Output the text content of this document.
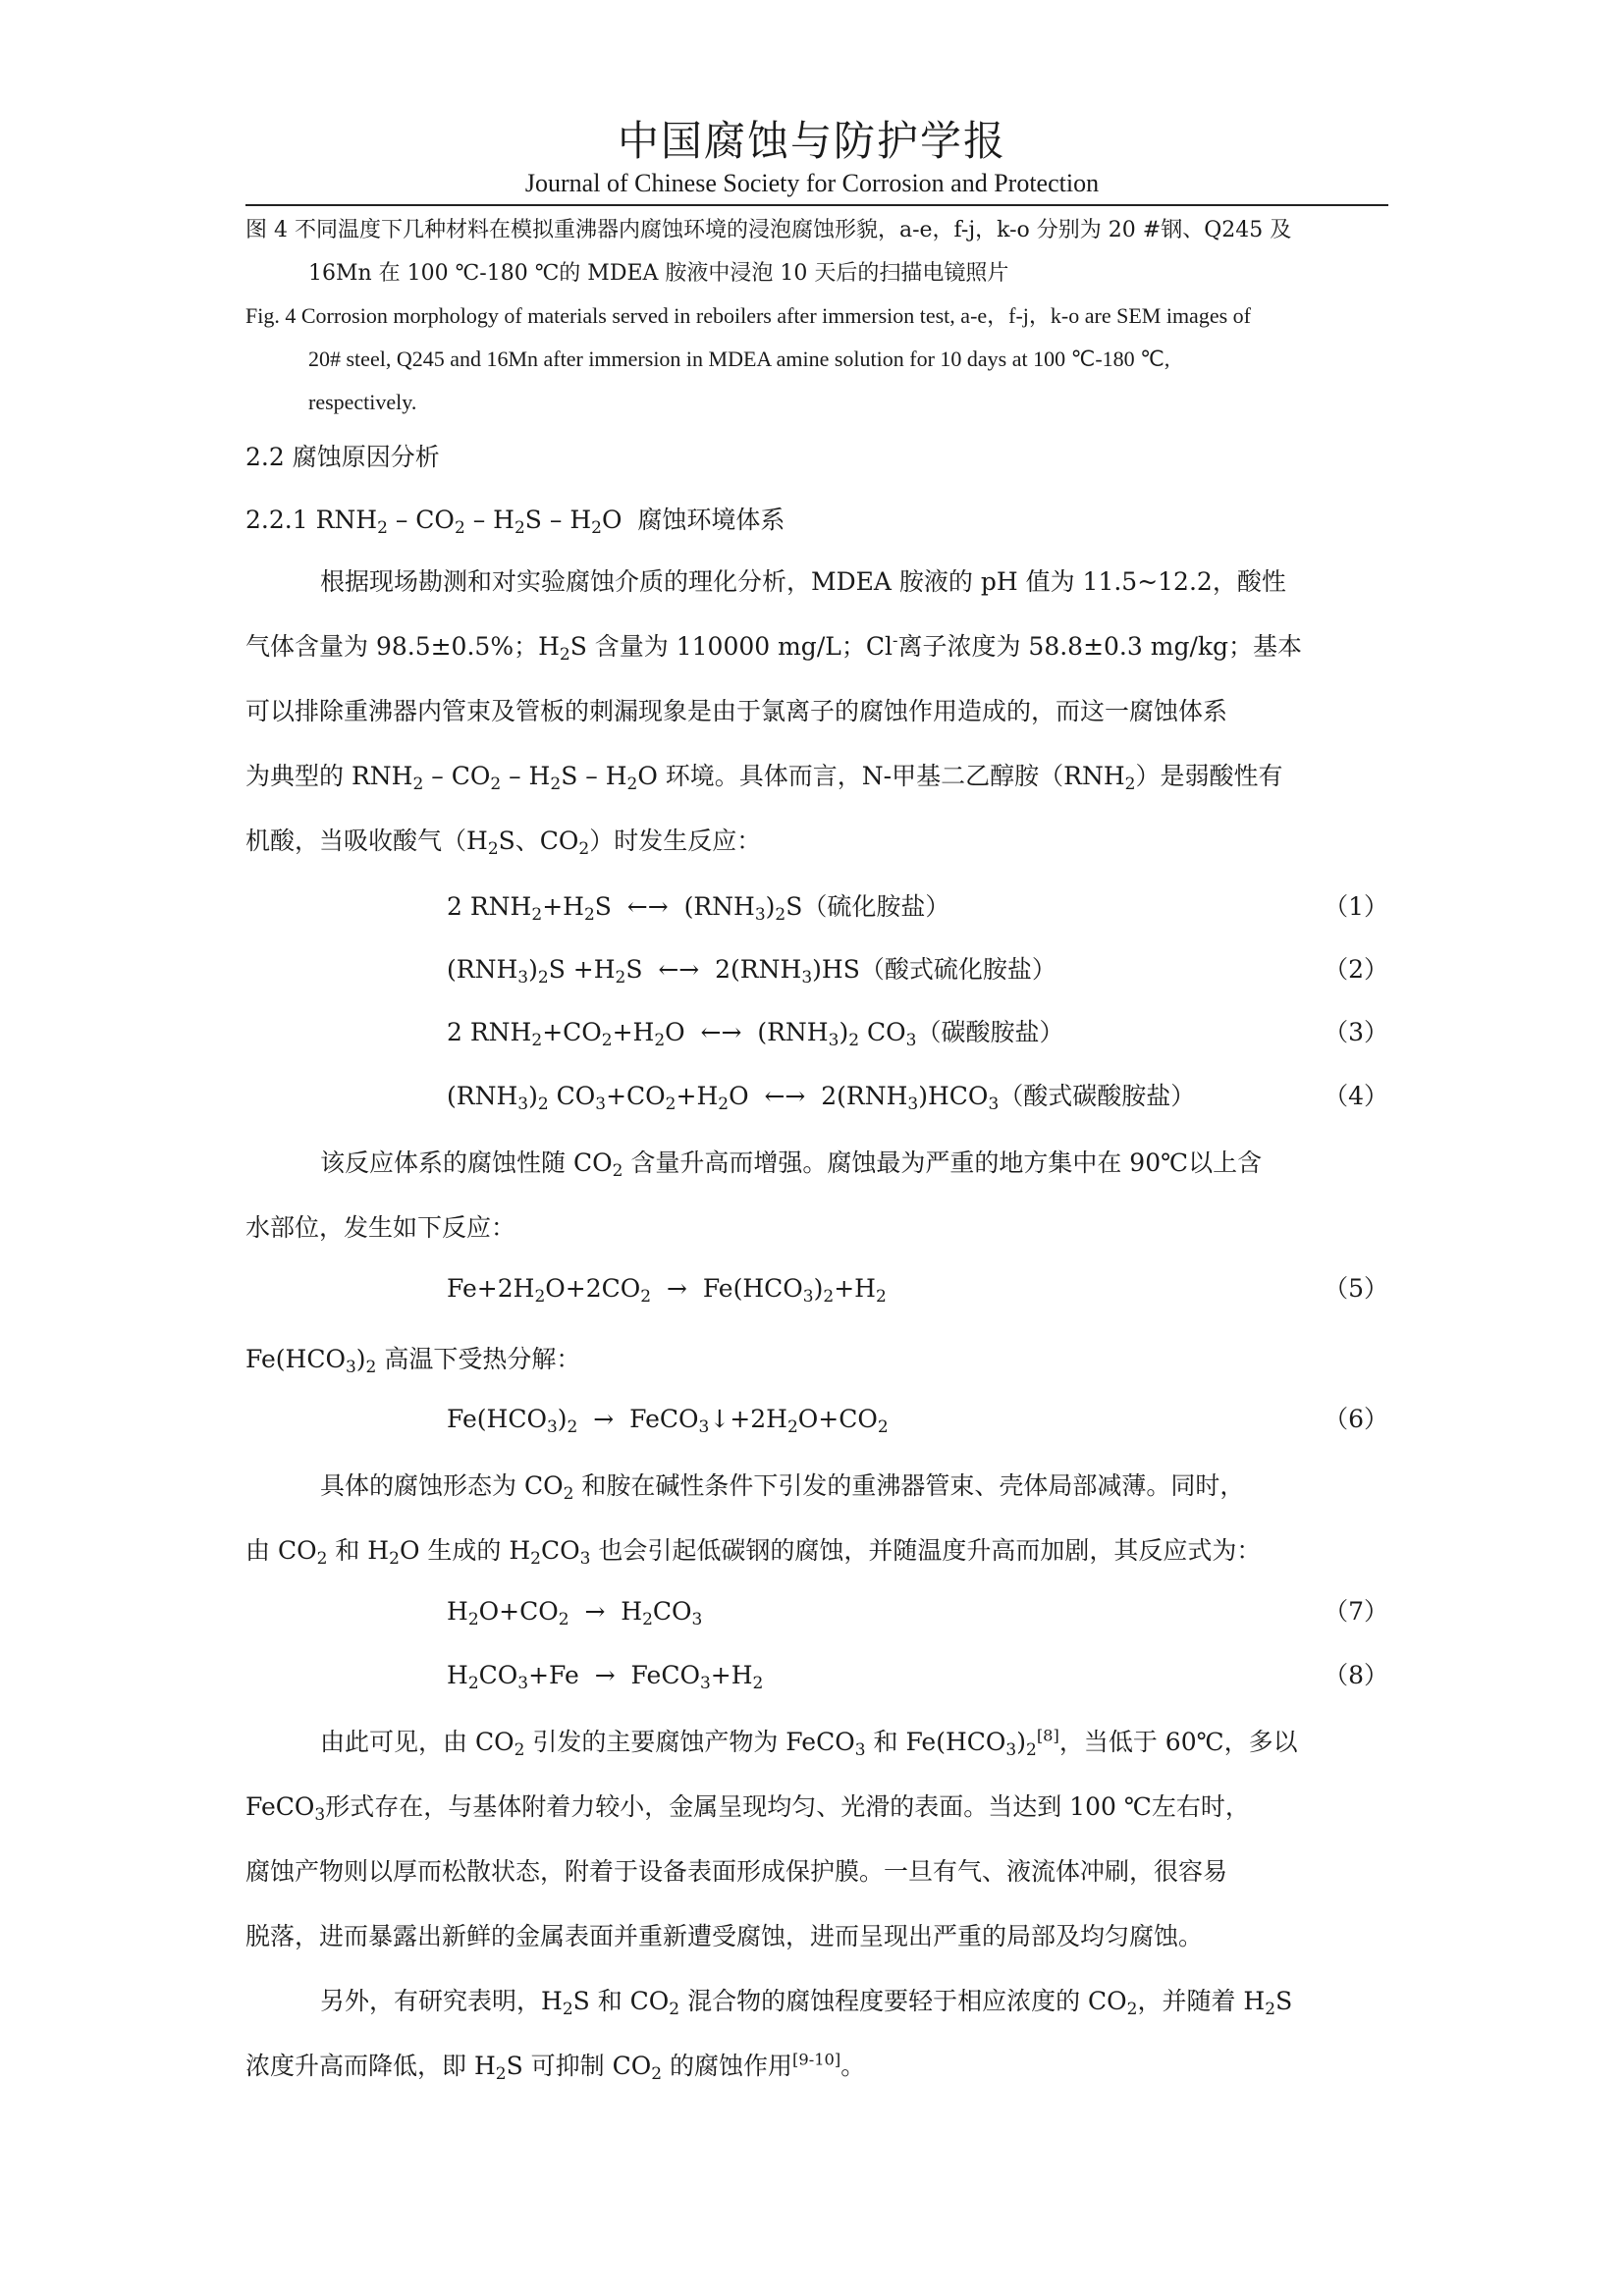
中国腐蚀与防护学报
Journal of Chinese Society for Corrosion and Protection

图 4 不同温度下几种材料在模拟重沸器内腐蚀环境的浸泡腐蚀形貌，a-e，f-j，k-o 分别为 20 #钢、Q245 及

16Mn 在 100 ℃-180 ℃的 MDEA 胺液中浸泡 10 天后的扫描电镜照片

Fig. 4 Corrosion morphology of materials served in reboilers after immersion test, a-e，f-j，k-o are SEM images of

20# steel, Q245 and 16Mn after immersion in MDEA amine solution for 10 days at 100 ℃-180 ℃,

respectively.

2.2 腐蚀原因分析
2.2.1 $RNH_2 - CO_2 - H_2S - H_2O$  腐蚀环境体系
根据现场勘测和对实验腐蚀介质的理化分析，MDEA 胺液的 pH 值为 11.5~12.2，酸性
气体含量为 98.5±0.5%；$H_2S$ 含量为 110000 mg/L；Cl-离子浓度为 58.8±0.3 mg/kg；基本
可以排除重沸器内管束及管板的刺漏现象是由于氯离子的腐蚀作用造成的，而这一腐蚀体系
为典型的 $RNH_2 - CO_2 - H_2S - H_2O$ 环境。具体而言，N-甲基二乙醇胺$(RNH_2)$是弱酸性有
机酸，当吸收酸气（$H_2S$、$CO_2$）时发生反应：
2 $RNH_2+H_2S$  ←→  $(RNH_3)_2S$（硫化胺盐）	（1）
$(RNH_3)_2S +H_2S$  ←→  $2(RNH_3)HS$（酸式硫化胺盐）	（2）
2 $RNH_2+CO_2+H_2O$  ←→  $(RNH_3)_2$ $CO_3$（碳酸胺盐）	（3）
$(RNH_3)_2$ $CO_3+CO_2+H_2O$  ←→  $2(RNH_3)HCO_3$（酸式碳酸胺盐）	（4）
该反应体系的腐蚀性随 $CO_2$ 含量升高而增强。腐蚀最为严重的地方集中在 90℃以上含
水部位，发生如下反应：
$Fe+2H_2O+2CO_2 \to Fe(HCO_3)_2+H_2$	（5）
$Fe(HCO_3)_2$ 高温下受热分解：
$Fe(HCO_3)_2$  →  $FeCO_3↓+2H_2O+CO_2$	（6）
具体的腐蚀形态为 $CO_2$ 和胺在碱性条件下引发的重沸器管束、壳体局部减薄。同时，
由 $CO_2$ 和 $H_2O$ 生成的 $H_2CO_3$ 也会引起低碳钢的腐蚀，并随温度升高而加剧，其反应式为：
$H_2O+CO_2 \to H_2CO_3$	（7）
$H_2CO_3+Fe$  →  $FeCO_3+H_2$	（8）
由此可见，由 $CO_2$ 引发的主要腐蚀产物为 FeCO$_3$ 和 $Fe(HCO_3)_2[8]$，当低于 60℃，多以
FeCO$_3$形式存在，与基体附着力较小，金属呈现均匀、光滑的表面。当达到 100 ℃左右时，
腐蚀产物则以厚而松散状态，附着于设备表面形成保护膜。一旦有气、液流体冲刷，很容易
脱落，进而暴露出新鲜的金属表面并重新遭受腐蚀，进而呈现出严重的局部及均匀腐蚀。
另外，有研究表明，$H_2S$ 和 $CO_2$ 混合物的腐蚀程度要轻于相应浓度的 $CO_2$，并随着 $H_2S$
浓度升高而降低，即 $H_2S$ 可抑制 $CO_2$ 的腐蚀作用[9-10]。
